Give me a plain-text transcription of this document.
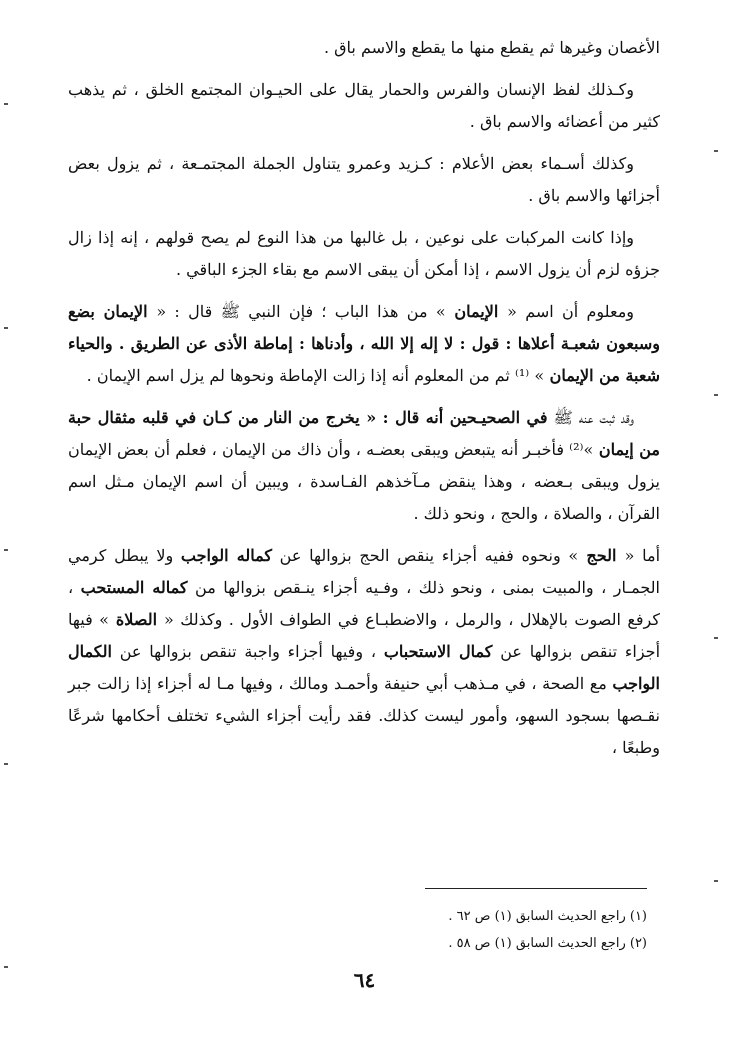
الأغصان وغيرها ثم يقطع منها ما يقطع والاسم باق .

وكـذلك لفظ الإنسان والفرس والحمار يقال على الحيـوان المجتمع الخلق ، ثم يذهب كثير من أعضائه والاسم باق .

وكذلك أسـماء بعض الأعلام : كـزيد وعمرو يتناول الجملة المجتمـعة ، ثم يزول بعض أجزائها والاسم باق .

وإذا كانت المركبات على نوعين ، بل غالبها من هذا النوع لم يصح قولهم ، إنه إذا زال جزؤه لزم أن يزول الاسم ، إذا أمكن أن يبقى الاسم مع بقاء الجزء الباقي .

ومعلوم أن اسم « الإيمان » من هذا الباب ؛ فإن النبي ﷺ قال : « الإيمان بضع وسبعون شعبـة أعلاها : قول : لا إله إلا الله ، وأدناها : إماطة الأذى عن الطريق . والحياء شعبة من الإيمان » ⁽¹⁾ ثم من المعلوم أنه إذا زالت الإماطة ونحوها لم يزل اسم الإيمان .

وقد ثبت عنه ﷺ في الصحيـحين أنه قال : « يخرج من النار من كـان في قلبه مثقال حبة من إيمان »⁽²⁾ فأخبـر أنه يتبعض ويبقى بعضـه ، وأن ذاك من الإيمان ، فعلم أن بعض الإيمان يزول ويبقى بـعضه ، وهذا ينقض مـآخذهم الفـاسدة ، ويبين أن اسم الإيمان مـثل اسم القرآن ، والصلاة ، والحج ، ونحو ذلك .

أما « الحج » ونحوه ففيه أجزاء ينقص الحج بزوالها عن كماله الواجب ولا يبطل كرمي الجمـار ، والمبيت بمنى ، ونحو ذلك ، وفـيه أجزاء ينـقص بزوالها من كماله المستحب ، كرفع الصوت بالإهلال ، والرمل ، والاضطبـاع في الطواف الأول . وكذلك « الصلاة » فيها أجزاء تنقص بزوالها عن كمال الاستحباب ، وفيها أجزاء واجبة تنقص بزوالها عن الكمال الواجب مع الصحة ، في مـذهب أبي حنيفة وأحمـد ومالك ، وفيها مـا له أجزاء إذا زالت جبر نقـصها بسجود السهو، وأمور ليست كذلك. فقد رأيت أجزاء الشيء تختلف أحكامها شرعًا وطبعًا ،

(١) راجع الحديث السابق (١) ص ٦٢ .
(٢) راجع الحديث السابق (١) ص ٥٨ .
٦٤
